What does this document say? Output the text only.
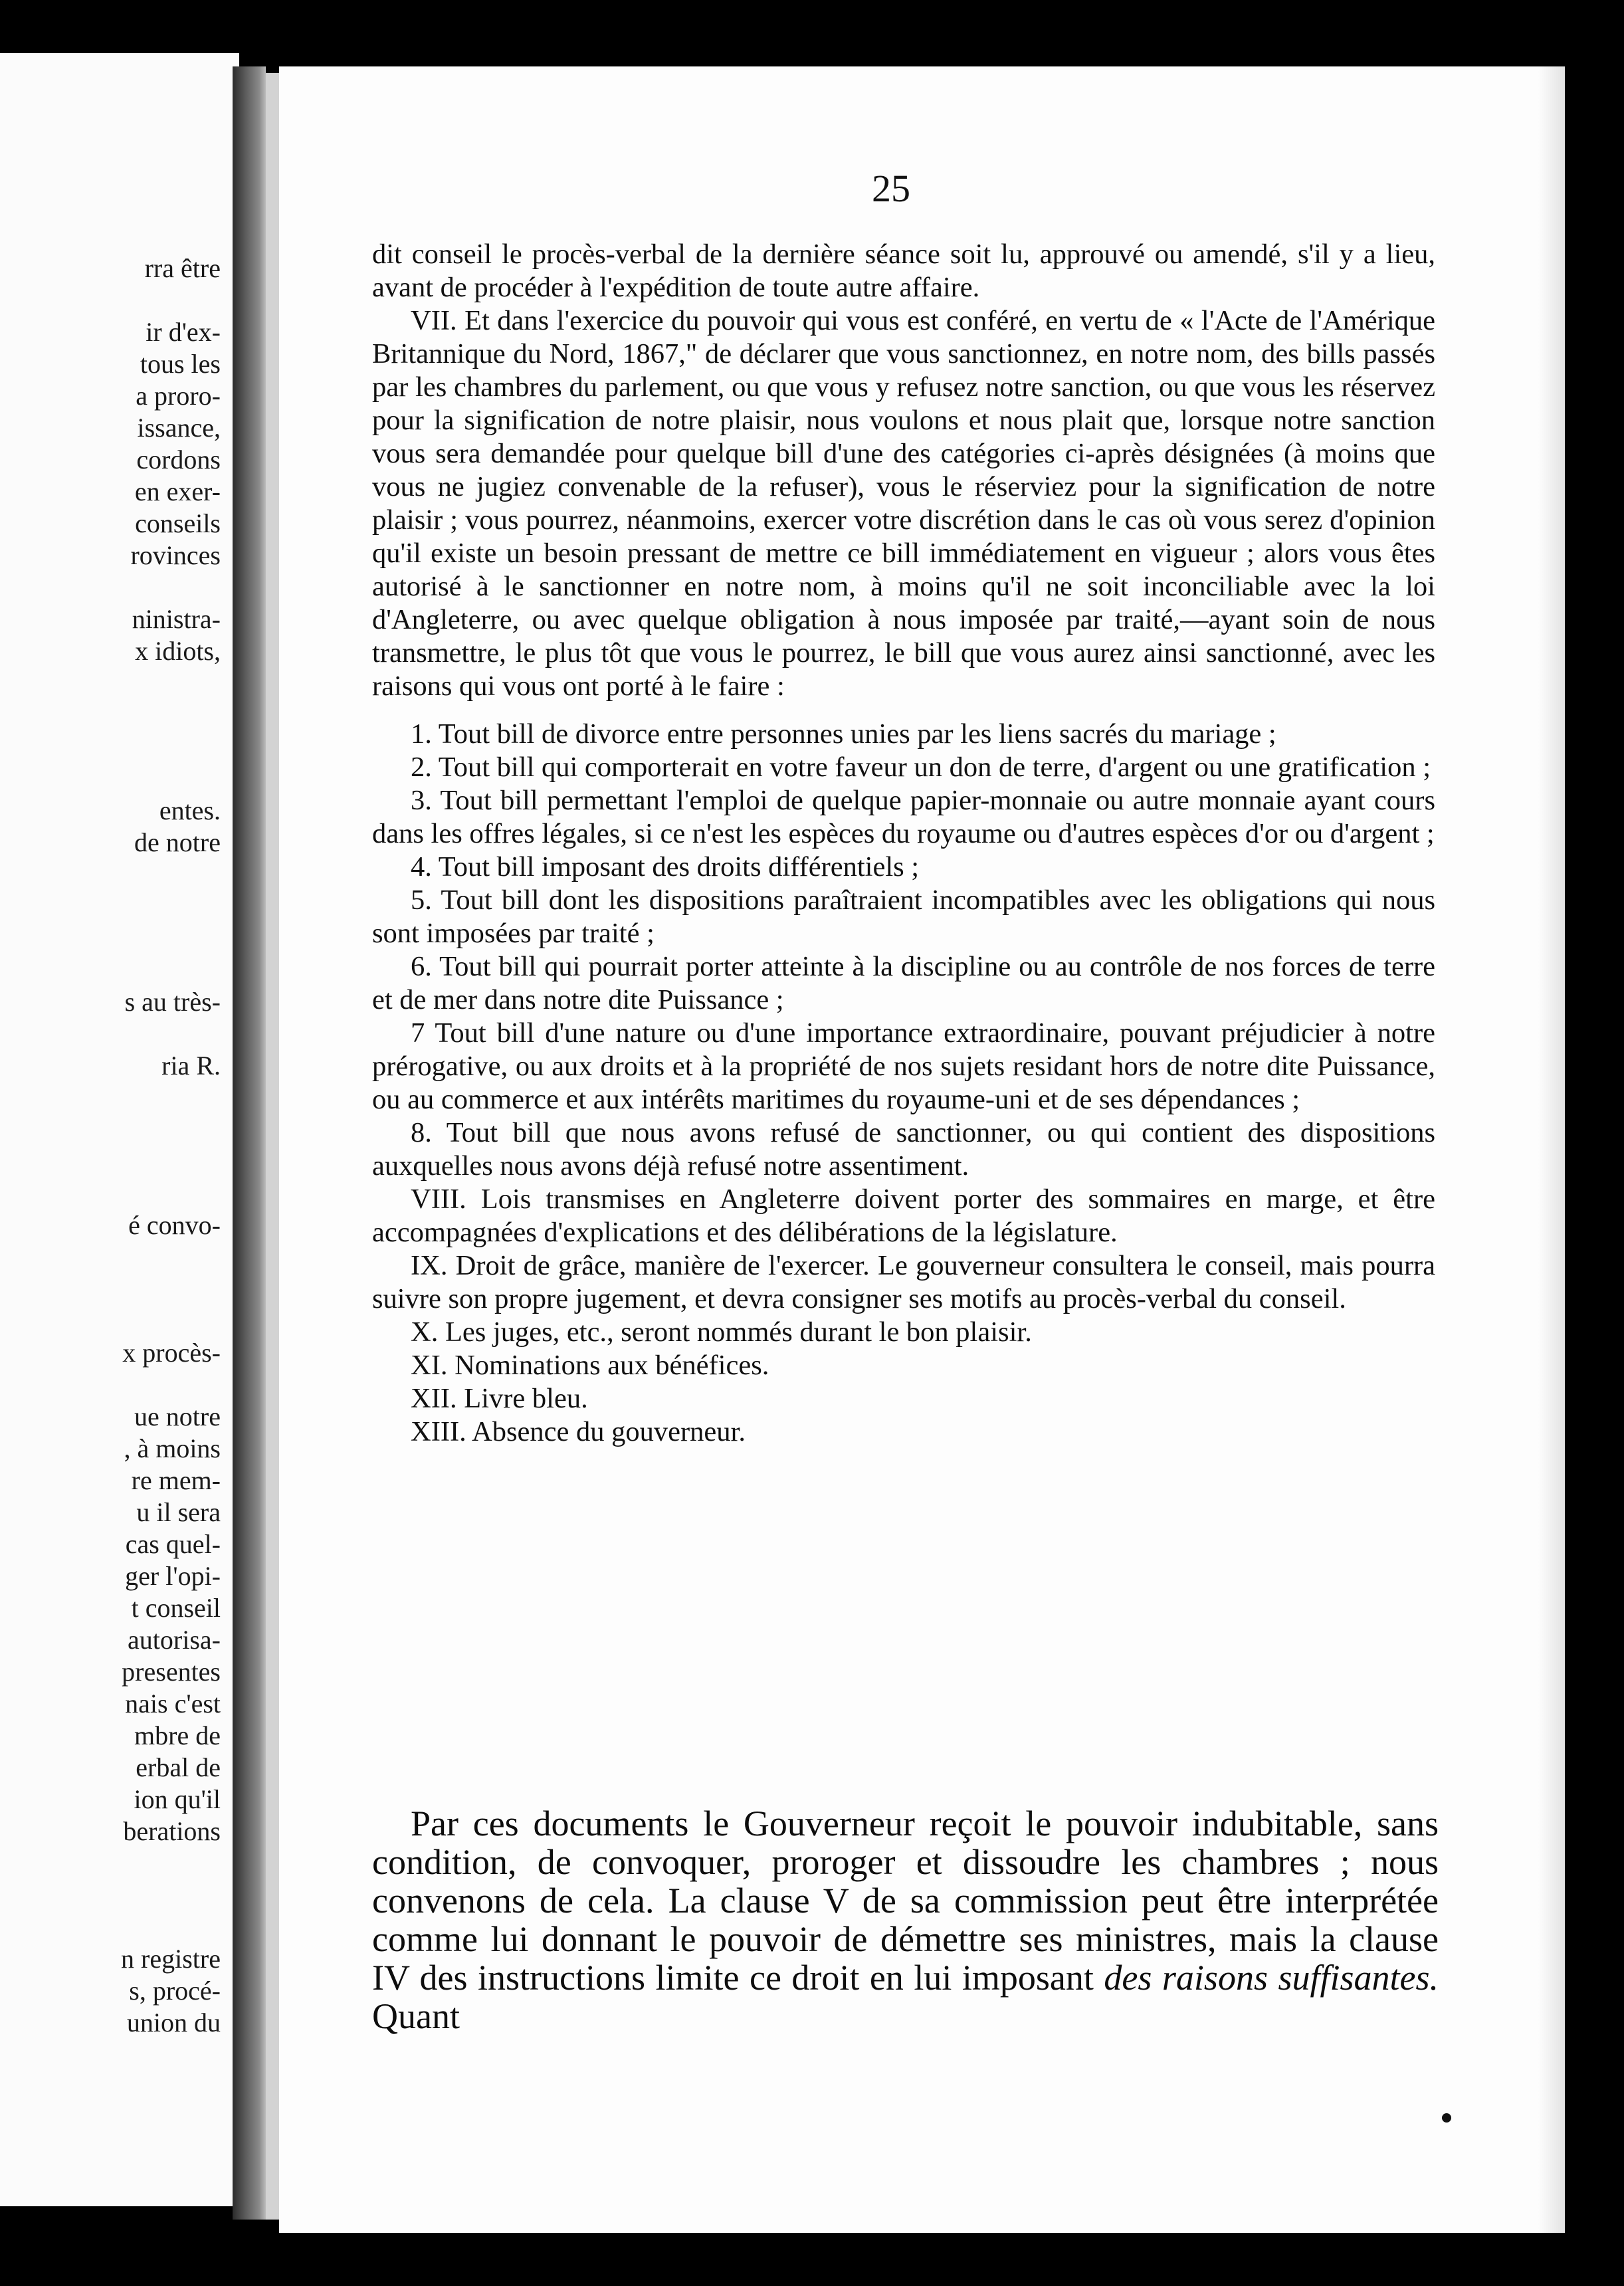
rra être
ir d'ex-
tous les
a proro-
issance,
cordons
en exer-
conseils
rovinces
ninistra-
x idiots,
entes.
de notre
s au très-
ria R.
é convo-
x procès-
ue notre
, à moins
re mem-
u il sera
cas quel-
ger l'opi-
t conseil
autorisa-
presentes
nais c'est
mbre de
erbal de
ion qu'il
berations
n registre
s, procé-
union du
25

dit conseil le procès-verbal de la dernière séance soit lu, approuvé ou amendé, s'il y a lieu, avant de procéder à l'expédition de toute autre affaire.

VII. Et dans l'exercice du pouvoir qui vous est conféré, en vertu de « l'Acte de l'Amérique Britannique du Nord, 1867," de déclarer que vous sanctionnez, en notre nom, des bills passés par les chambres du parlement, ou que vous y refusez notre sanction, ou que vous les réservez pour la signification de notre plaisir, nous voulons et nous plait que, lorsque notre sanction vous sera demandée pour quelque bill d'une des catégories ci-après désignées (à moins que vous ne jugiez convenable de la refuser), vous le réserviez pour la signification de notre plaisir ; vous pourrez, néanmoins, exercer votre discrétion dans le cas où vous serez d'opinion qu'il existe un besoin pressant de mettre ce bill immédiatement en vigueur ; alors vous êtes autorisé à le sanctionner en notre nom, à moins qu'il ne soit inconciliable avec la loi d'Angleterre, ou avec quelque obligation à nous imposée par traité,—ayant soin de nous transmettre, le plus tôt que vous le pourrez, le bill que vous aurez ainsi sanctionné, avec les raisons qui vous ont porté à le faire :

1. Tout bill de divorce entre personnes unies par les liens sacrés du mariage ;

2. Tout bill qui comporterait en votre faveur un don de terre, d'argent ou une gratification ;

3. Tout bill permettant l'emploi de quelque papier-monnaie ou autre monnaie ayant cours dans les offres légales, si ce n'est les espèces du royaume ou d'autres espèces d'or ou d'argent ;

4. Tout bill imposant des droits différentiels ;

5. Tout bill dont les dispositions paraîtraient incompatibles avec les obligations qui nous sont imposées par traité ;

6. Tout bill qui pourrait porter atteinte à la discipline ou au contrôle de nos forces de terre et de mer dans notre dite Puissance ;

7 Tout bill d'une nature ou d'une importance extraordinaire, pouvant préjudicier à notre prérogative, ou aux droits et à la propriété de nos sujets residant hors de notre dite Puissance, ou au commerce et aux intérêts maritimes du royaume-uni et de ses dépendances ;

8. Tout bill que nous avons refusé de sanctionner, ou qui contient des dispositions auxquelles nous avons déjà refusé notre assentiment.

VIII. Lois transmises en Angleterre doivent porter des sommaires en marge, et être accompagnées d'explications et des délibérations de la législature.

IX. Droit de grâce, manière de l'exercer. Le gouverneur consultera le conseil, mais pourra suivre son propre jugement, et devra consigner ses motifs au procès-verbal du conseil.

X. Les juges, etc., seront nommés durant le bon plaisir.

XI. Nominations aux bénéfices.

XII. Livre bleu.

XIII. Absence du gouverneur.

Par ces documents le Gouverneur reçoit le pouvoir indubitable, sans condition, de convoquer, proroger et dissoudre les chambres ; nous convenons de cela. La clause V de sa commission peut être interprétée comme lui donnant le pouvoir de démettre ses ministres, mais la clause IV des instructions limite ce droit en lui imposant des raisons suffisantes. Quant
